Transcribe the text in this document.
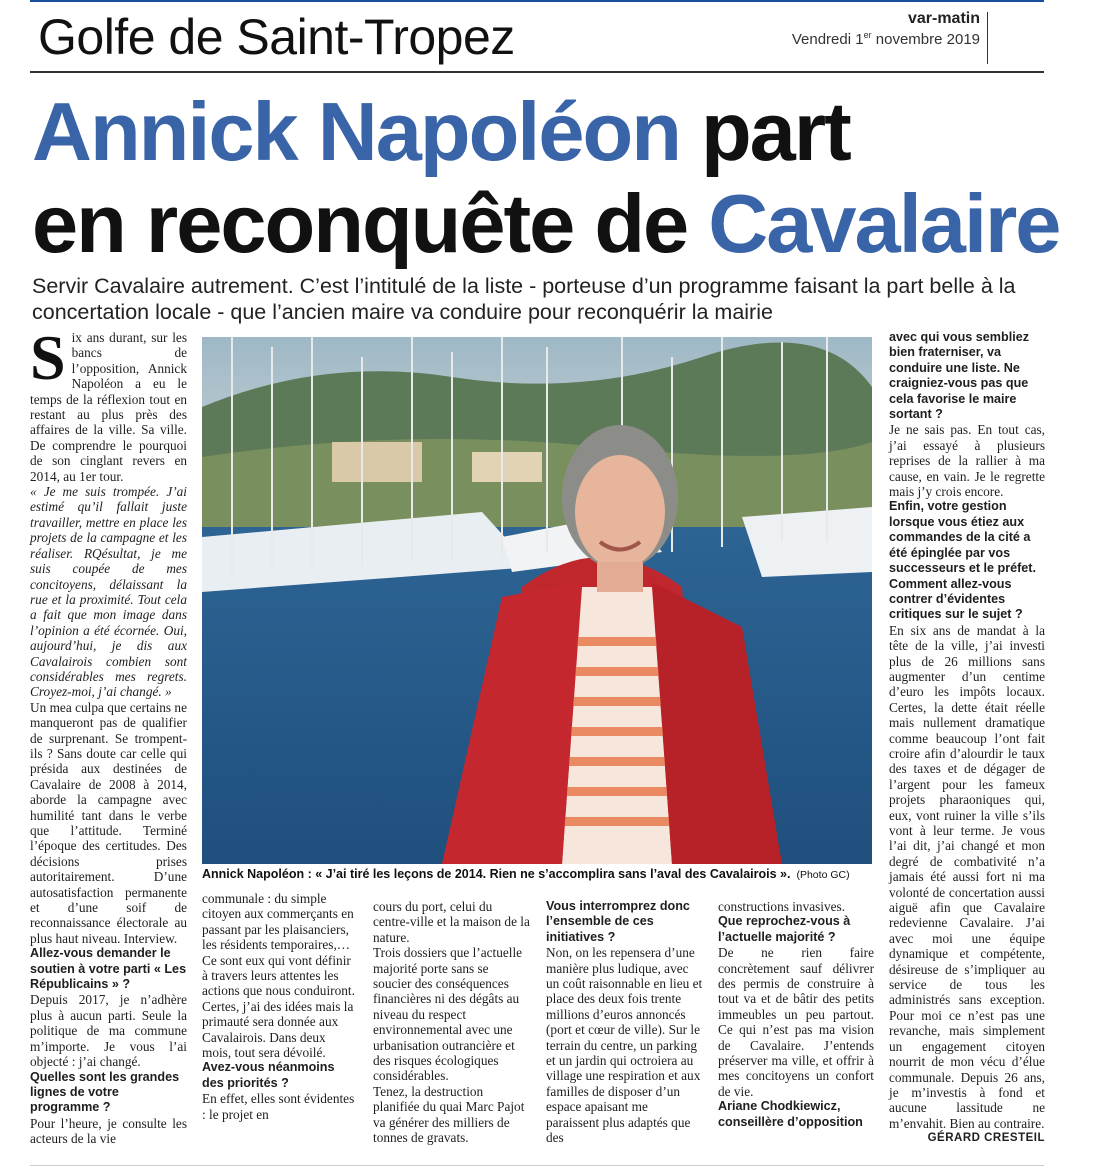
Golfe de Saint-Tropez	var-matin
Vendredi 1er novembre 2019
Annick Napoléon part
en reconquête de Cavalaire

Servir Cavalaire autrement. C’est l’intitulé de la liste - porteuse d’un programme faisant la part belle à la concertation locale - que l’ancien maire va conduire pour reconquérir la mairie

Six ans durant, sur les bancs de l’opposition, Annick Napoléon a eu le temps de la réflexion tout en restant au plus près des affaires de la ville. Sa ville. De comprendre le pourquoi de son cinglant revers en 2014, au 1er tour.

« Je me suis trompée. J’ai estimé qu’il fallait juste travailler, mettre en place les projets de la campagne et les réaliser. RQésultat, je me suis coupée de mes concitoyens, délaissant la rue et la proximité. Tout cela a fait que mon image dans l’opinion a été écornée. Oui, aujourd’hui, je dis aux Cavalairois combien sont considérables mes regrets. Croyez-moi, j’ai changé. »

Un mea culpa que certains ne manqueront pas de qualifier de surprenant. Se trompent-ils ? Sans doute car celle qui présida aux destinées de Cavalaire de 2008 à 2014, aborde la campagne avec humilité tant dans le verbe que l’attitude. Terminé l’époque des certitudes. Des décisions prises autoritairement. D’une autosatisfaction permanente et d’une soif de reconnaissance électorale au plus haut niveau. Interview.

Allez-vous demander le soutien à votre parti « Les Républicains » ?

Depuis 2017, je n’adhère plus à aucun parti. Seule la politique de ma commune m’importe. Je vous l’ai objecté : j’ai changé.

Quelles sont les grandes lignes de votre programme ?

Pour l’heure, je consulte les acteurs de la vie

Annick Napoléon : « J’ai tiré les leçons de 2014. Rien ne s’accomplira sans l’aval des Cavalairois ». (Photo GC)

communale : du simple citoyen aux commerçants en passant par les plaisanciers, les résidents temporaires,… Ce sont eux qui vont définir à travers leurs attentes les actions que nous conduiront. Certes, j’ai des idées mais la primauté sera donnée aux Cavalairois. Dans deux mois, tout sera dévoilé.

Avez-vous néanmoins des priorités ?

En effet, elles sont évidentes : le projet en

cours du port, celui du centre-ville et la maison de la nature.

Trois dossiers que l’actuelle majorité porte sans se soucier des conséquences financières ni des dégâts au niveau du respect environnemental avec une urbanisation outrancière et des risques écologiques considérables.

Tenez, la destruction planifiée du quai Marc Pajot va générer des milliers de tonnes de gravats.

Vous interromprez donc l’ensemble de ces initiatives ?

Non, on les repensera d’une manière plus ludique, avec un coût raisonnable en lieu et place des deux fois trente millions d’euros annoncés (port et cœur de ville). Sur le terrain du centre, un parking et un jardin qui octroiera au village une respiration et aux familles de disposer d’un espace apaisant me paraissent plus adaptés que des

constructions invasives.

Que reprochez-vous à l’actuelle majorité ?

De ne rien faire concrètement sauf délivrer des permis de construire à tout va et de bâtir des petits immeubles un peu partout. Ce qui n’est pas ma vision de Cavalaire. J’entends préserver ma ville, et offrir à mes concitoyens un confort de vie.

Ariane Chodkiewicz, conseillère d’opposition

avec qui vous sembliez bien fraterniser, va conduire une liste. Ne craigniez-vous pas que cela favorise le maire sortant ?

Je ne sais pas. En tout cas, j’ai essayé à plusieurs reprises de la rallier à ma cause, en vain. Je le regrette mais j’y crois encore.

Enfin, votre gestion lorsque vous étiez aux commandes de la cité a été épinglée par vos successeurs et le préfet. Comment allez-vous contrer d’évidentes critiques sur le sujet ?

En six ans de mandat à la tête de la ville, j’ai investi plus de 26 millions sans augmenter d’un centime d’euro les impôts locaux. Certes, la dette était réelle mais nullement dramatique comme beaucoup l’ont fait croire afin d’alourdir le taux des taxes et de dégager de l’argent pour les fameux projets pharaoniques qui, eux, vont ruiner la ville s’ils vont à leur terme. Je vous l’ai dit, j’ai changé et mon degré de combativité n’a jamais été aussi fort ni ma volonté de concertation aussi aiguë afin que Cavalaire redevienne Cavalaire. J’ai avec moi une équipe dynamique et compétente, désireuse de s’impliquer au service de tous les administrés sans exception. Pour moi ce n’est pas une revanche, mais simplement un engagement citoyen nourrit de mon vécu d’élue communale. Depuis 26 ans, je m’investis à fond et aucune lassitude ne m’envahit. Bien au contraire.

GÉRARD CRESTEIL
